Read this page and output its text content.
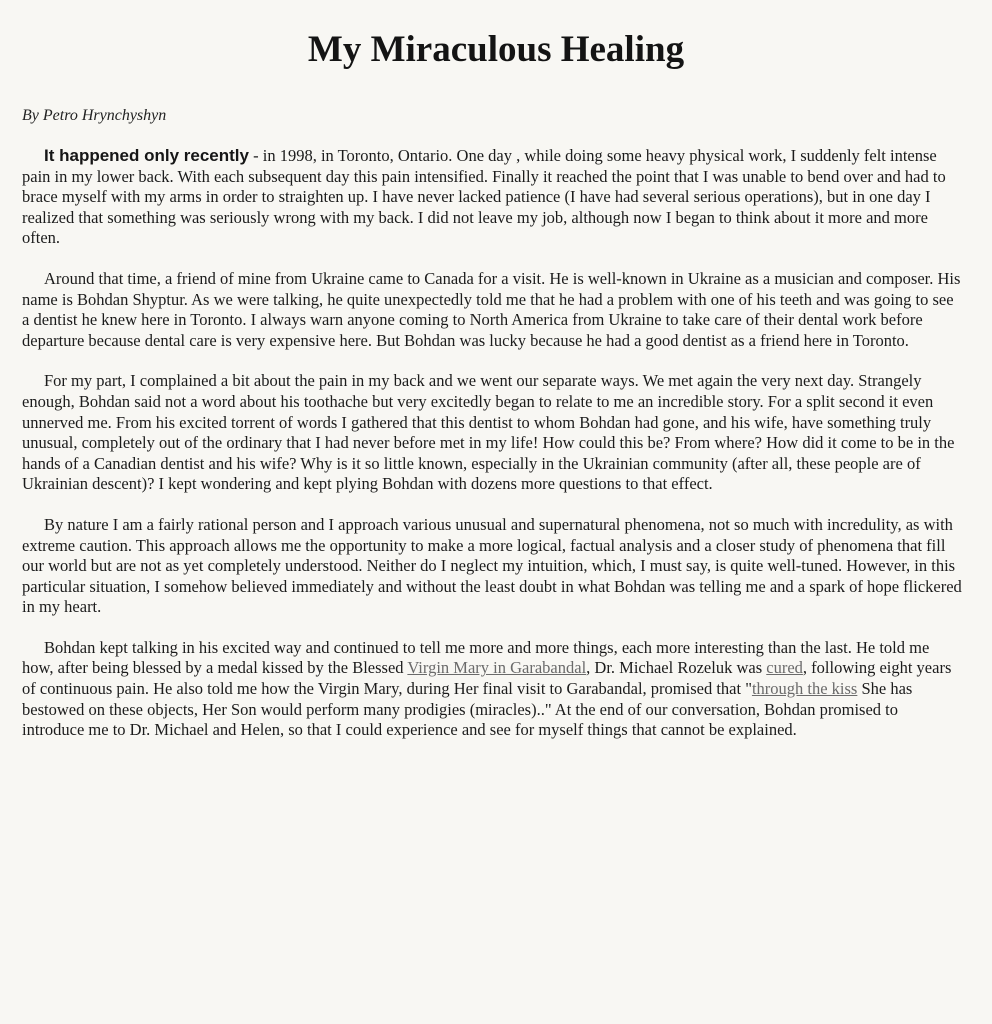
My Miraculous Healing

By Petro Hrynchyshyn

It happened only recently - in 1998, in Toronto, Ontario. One day , while doing some heavy physical work, I suddenly felt intense pain in my lower back. With each subsequent day this pain intensified. Finally it reached the point that I was unable to bend over and had to brace myself with my arms in order to straighten up. I have never lacked patience (I have had several serious operations), but in one day I realized that something was seriously wrong with my back. I did not leave my job, although now I began to think about it more and more often.

Around that time, a friend of mine from Ukraine came to Canada for a visit. He is well-known in Ukraine as a musician and composer. His name is Bohdan Shyptur. As we were talking, he quite unexpectedly told me that he had a problem with one of his teeth and was going to see a dentist he knew here in Toronto. I always warn anyone coming to North America from Ukraine to take care of their dental work before departure because dental care is very expensive here. But Bohdan was lucky because he had a good dentist as a friend here in Toronto.

For my part, I complained a bit about the pain in my back and we went our separate ways. We met again the very next day. Strangely enough, Bohdan said not a word about his toothache but very excitedly began to relate to me an incredible story. For a split second it even unnerved me. From his excited torrent of words I gathered that this dentist to whom Bohdan had gone, and his wife, have something truly unusual, completely out of the ordinary that I had never before met in my life! How could this be? From where? How did it come to be in the hands of a Canadian dentist and his wife? Why is it so little known, especially in the Ukrainian community (after all, these people are of Ukrainian descent)? I kept wondering and kept plying Bohdan with dozens more questions to that effect.

By nature I am a fairly rational person and I approach various unusual and supernatural phenomena, not so much with incredulity, as with extreme caution. This approach allows me the opportunity to make a more logical, factual analysis and a closer study of phenomena that fill our world but are not as yet completely understood. Neither do I neglect my intuition, which, I must say, is quite well-tuned. However, in this particular situation, I somehow believed immediately and without the least doubt in what Bohdan was telling me and a spark of hope flickered in my heart.

Bohdan kept talking in his excited way and continued to tell me more and more things, each more interesting than the last. He told me how, after being blessed by a medal kissed by the Blessed Virgin Mary in Garabandal, Dr. Michael Rozeluk was cured, following eight years of continuous pain. He also told me how the Virgin Mary, during Her final visit to Garabandal, promised that "through the kiss She has bestowed on these objects, Her Son would perform many prodigies (miracles).." At the end of our conversation, Bohdan promised to introduce me to Dr. Michael and Helen, so that I could experience and see for myself things that cannot be explained.
